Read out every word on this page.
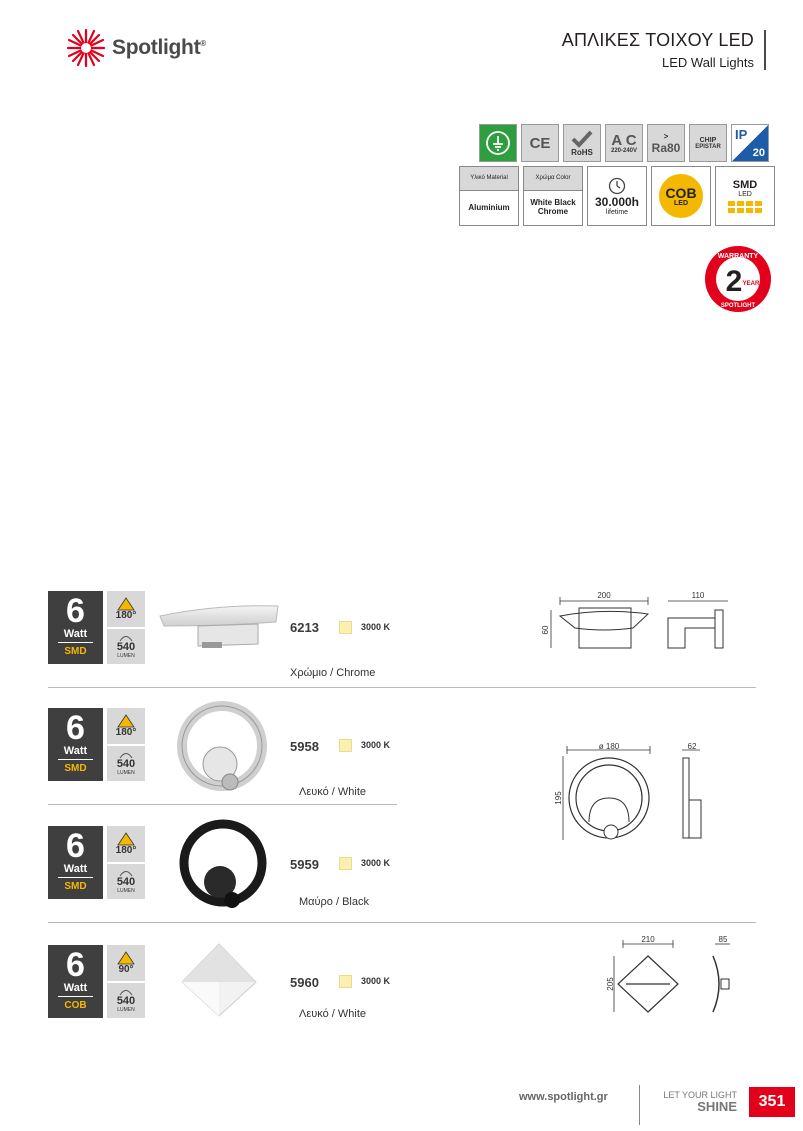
Spotlight®	ΑΠΛΙΚΕΣ ΤΟΙΧΟΥ LED
LED Wall Lights
CE
RoHS
A C
220-240V
>
Ra80
CHIP
EPISTAR
IP
20
Υλικό Material
Aluminium
Χρώμα Color
White Black Chrome
30.000h
lifetime
COB
LED
SMD
LED
WARRANTY
2 YEAR
SPOTLIGHT
6
Watt
SMD
180°
540
LUMEN
6213	3000 K
Χρώμιο / Chrome
200
60
110
6
Watt
SMD
180°
540
LUMEN
5958	3000 K
Λευκό / White
ø 180
195
62
6
Watt
SMD
180°
540
LUMEN
5959	3000 K
Μαύρο / Black
6
Watt
COB
90°
540
LUMEN
5960	3000 K
Λευκό / White
210
205
85
www.spotlight.gr	LET YOUR LIGHT
SHINE	351
